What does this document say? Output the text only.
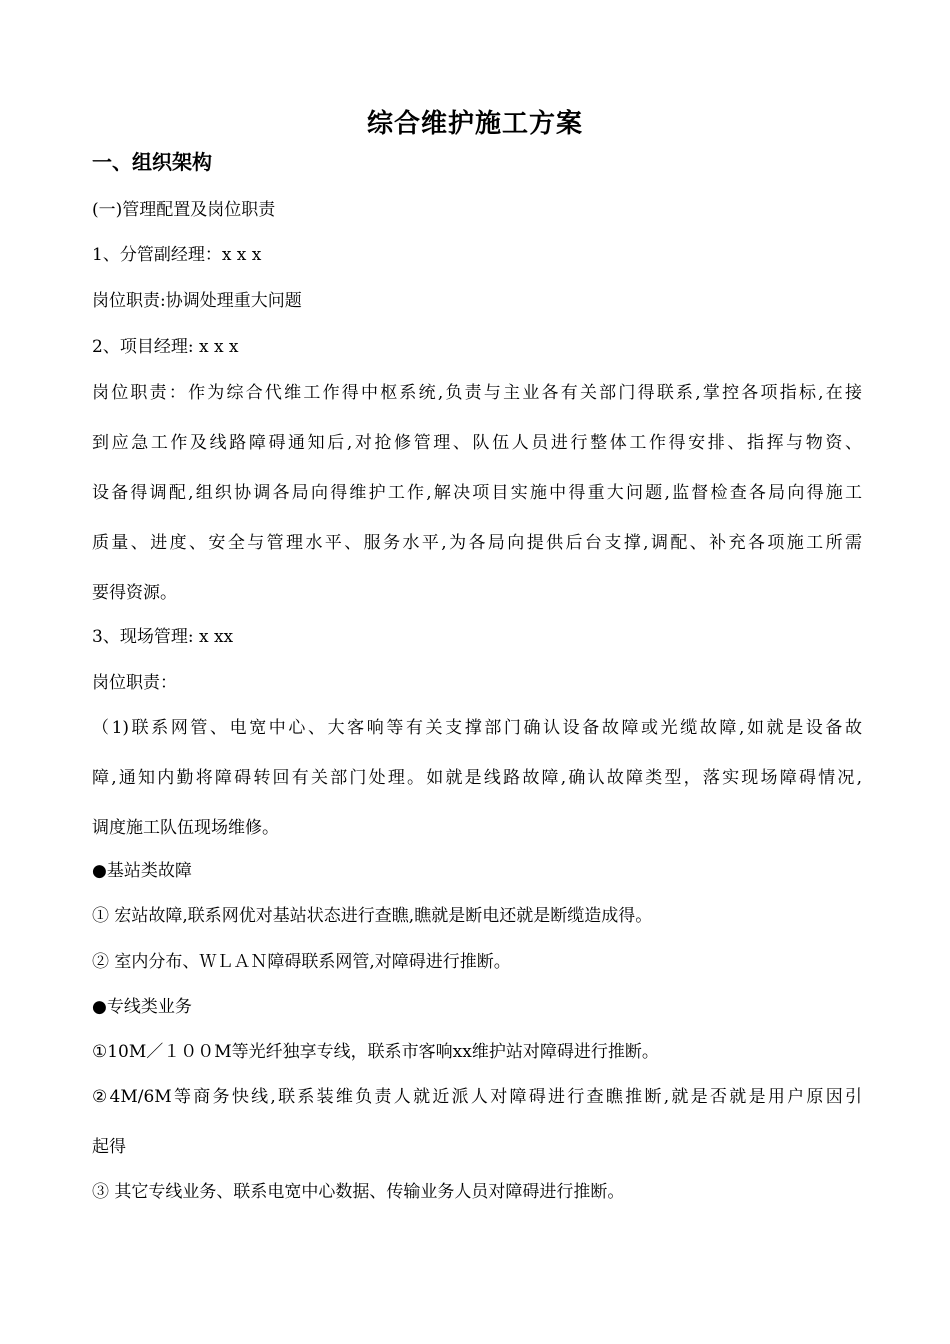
综合维护施工方案
一、组织架构
(一)管理配置及岗位职责
1、分管副经理：x x x
岗位职责:协调处理重大问题
2、项目经理: x x x
岗位职责：作为综合代维工作得中枢系统,负责与主业各有关部门得联系,掌控各项指标,在接
到应急工作及线路障碍通知后,对抢修管理、队伍人员进行整体工作得安排、指挥与物资、
设备得调配,组织协调各局向得维护工作,解决项目实施中得重大问题,监督检查各局向得施工
质量、进度、安全与管理水平、服务水平,为各局向提供后台支撑,调配、补充各项施工所需
要得资源。
3、现场管理: x xx
岗位职责：
（1)联系网管、电宽中心、大客响等有关支撑部门确认设备故障或光缆故障,如就是设备故
障,通知内勤将障碍转回有关部门处理。如就是线路故障,确认故障类型，落实现场障碍情况,
调度施工队伍现场维修。
●基站类故障
① 宏站故障,联系网优对基站状态进行查瞧,瞧就是断电还就是断缆造成得。
② 室内分布、ＷＬＡＮ障碍联系网管,对障碍进行推断。
●专线类业务
①10M／１００M等光纤独享专线，联系市客响xx维护站对障碍进行推断。
②4M/6M等商务快线,联系装维负责人就近派人对障碍进行查瞧推断,就是否就是用户原因引
起得
③ 其它专线业务、联系电宽中心数据、传输业务人员对障碍进行推断。
